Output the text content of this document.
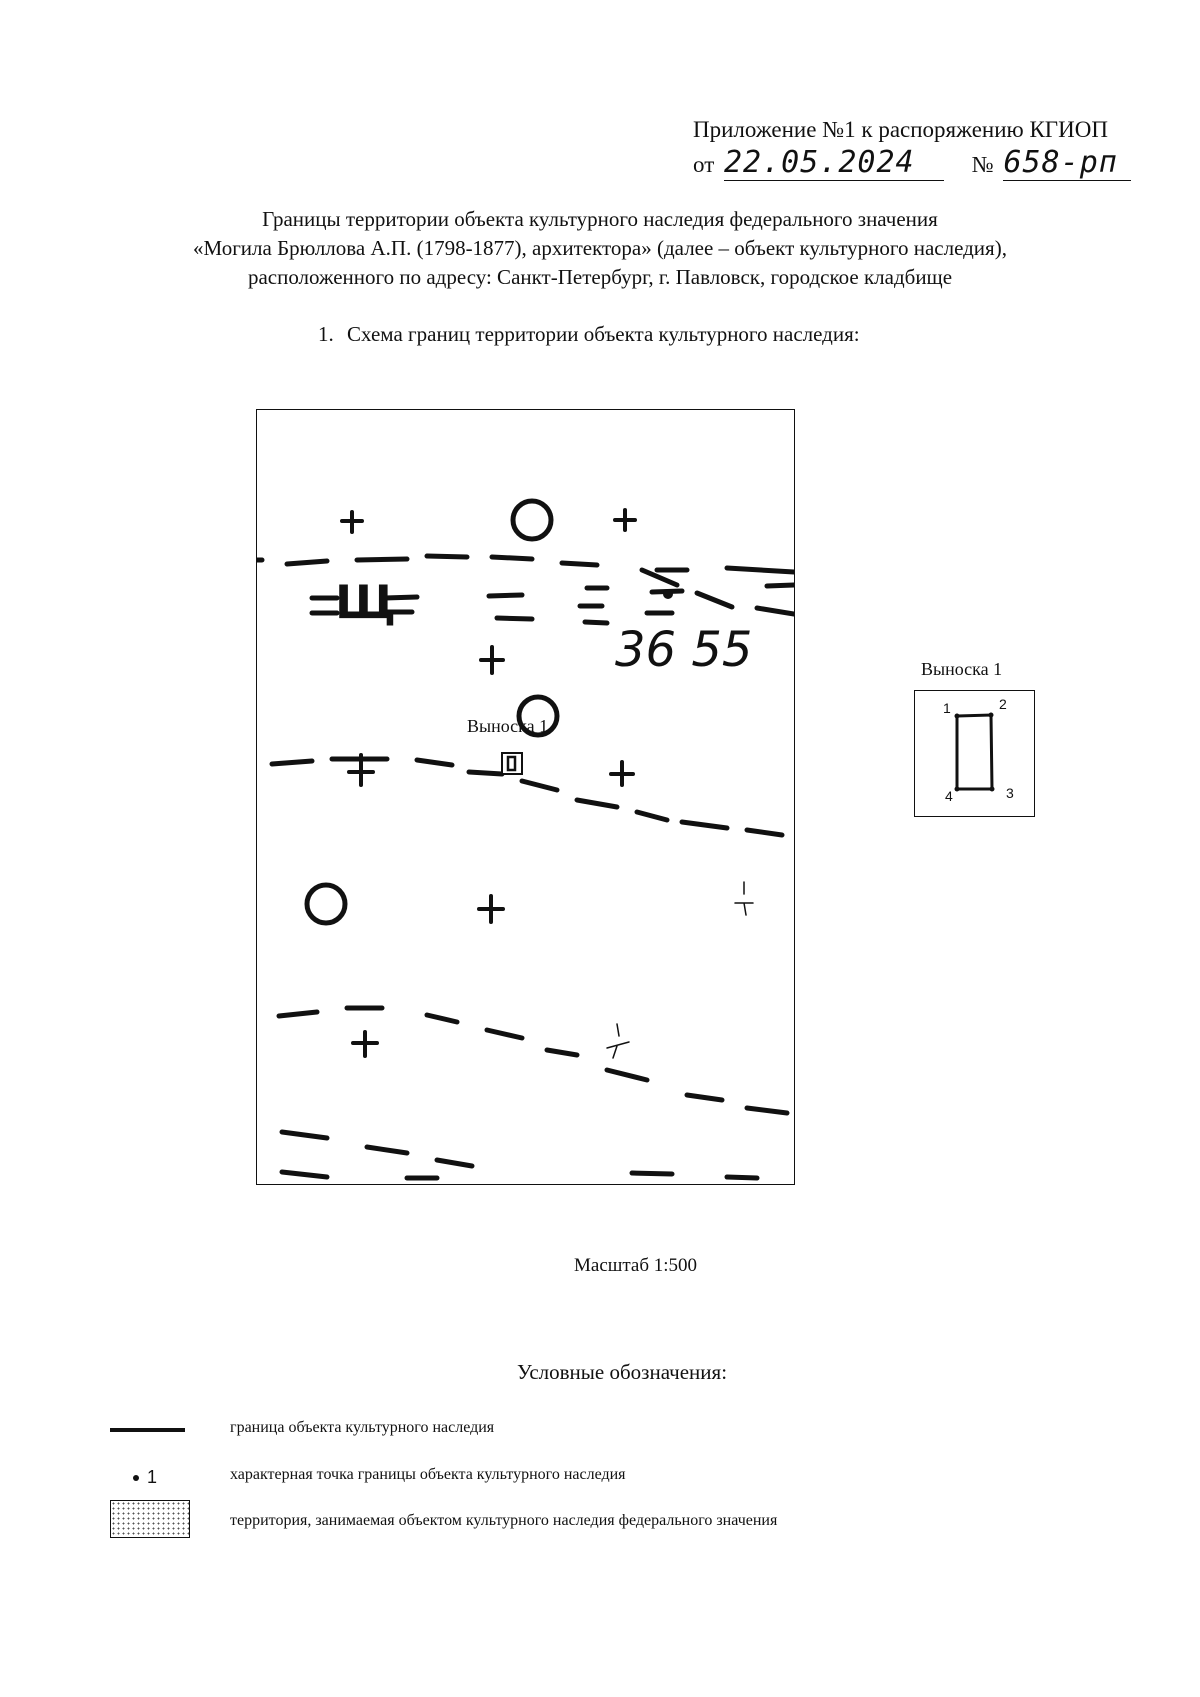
Приложение №1 к распоряжению КГИОП
от 22.05.2024 № 658-рп
Границы территории объекта культурного наследия федерального значения
«Могила Брюллова А.П. (1798-1877), архитектора» (далее – объект культурного наследия),
расположенного по адресу: Санкт-Петербург, г. Павловск, городское кладбище
1. Схема границ территории объекта культурного наследия:
Щ
36 55
Выноска 1
Выноска 1
1	2
3
4
Масштаб 1:500
Условные обозначения:
граница объекта культурного наследия
1	характерная точка границы объекта культурного наследия
территория, занимаемая объектом культурного наследия федерального значения
